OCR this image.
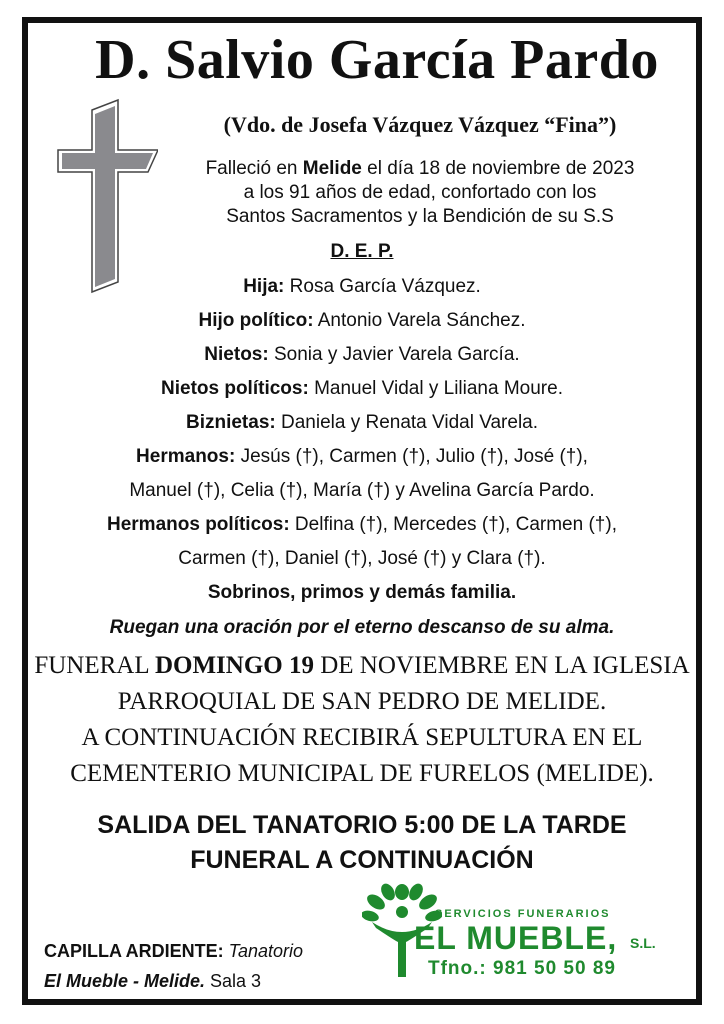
D. Salvio García Pardo
(Vdo. de Josefa Vázquez Vázquez “Fina”)
Falleció en Melide el día 18 de noviembre de 2023
a los 91 años de edad, confortado con los
Santos Sacramentos y la Bendición de su S.S
D. E. P.
Hija: Rosa García Vázquez.
Hijo político: Antonio Varela Sánchez.
Nietos: Sonia y Javier Varela García.
Nietos políticos: Manuel Vidal y Liliana Moure.
Biznietas: Daniela y Renata Vidal Varela.
Hermanos: Jesús (†), Carmen (†), Julio (†), José (†),
Manuel (†), Celia (†), María (†) y Avelina García Pardo.
Hermanos políticos: Delfina (†), Mercedes (†), Carmen (†),
Carmen (†), Daniel (†), José (†) y Clara (†).
Sobrinos, primos y demás familia.
Ruegan una oración por el eterno descanso de su alma.
FUNERAL DOMINGO 19 DE NOVIEMBRE EN LA IGLESIA
PARROQUIAL DE SAN PEDRO DE MELIDE.
A CONTINUACIÓN RECIBIRÁ SEPULTURA EN EL
CEMENTERIO MUNICIPAL DE FURELOS (MELIDE).
SALIDA DEL TANATORIO 5:00 DE LA TARDE
FUNERAL A CONTINUACIÓN
CAPILLA ARDIENTE: Tanatorio
El Mueble - Melide. Sala 3
SERVICIOS FUNERARIOS
EL MUEBLE, S.L.
Tfno.: 981 50 50 89
